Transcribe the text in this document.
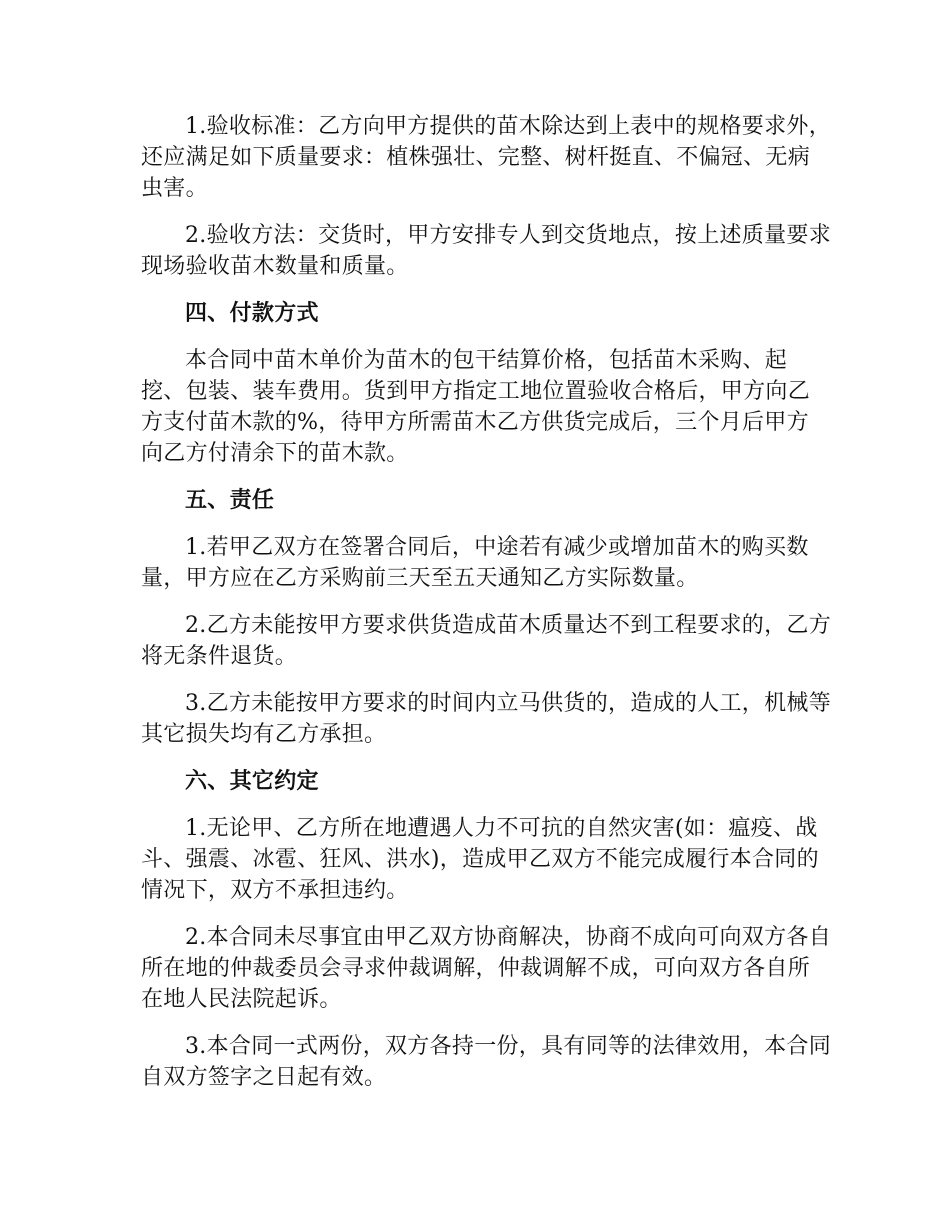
1.验收标准：乙方向甲方提供的苗木除达到上表中的规格要求外，还应满足如下质量要求：植株强壮、完整、树杆挺直、不偏冠、无病虫害。

2.验收方法：交货时，甲方安排专人到交货地点，按上述质量要求现场验收苗木数量和质量。

四、付款方式

本合同中苗木单价为苗木的包干结算价格，包括苗木采购、起挖、包装、装车费用。货到甲方指定工地位置验收合格后，甲方向乙方支付苗木款的%，待甲方所需苗木乙方供货完成后，三个月后甲方向乙方付清余下的苗木款。

五、责任

1.若甲乙双方在签署合同后，中途若有减少或增加苗木的购买数量，甲方应在乙方采购前三天至五天通知乙方实际数量。

2.乙方未能按甲方要求供货造成苗木质量达不到工程要求的，乙方将无条件退货。

3.乙方未能按甲方要求的时间内立马供货的，造成的人工，机械等其它损失均有乙方承担。

六、其它约定

1.无论甲、乙方所在地遭遇人力不可抗的自然灾害(如：瘟疫、战斗、强震、冰雹、狂风、洪水)，造成甲乙双方不能完成履行本合同的情况下，双方不承担违约。

2.本合同未尽事宜由甲乙双方协商解决，协商不成向可向双方各自所在地的仲裁委员会寻求仲裁调解，仲裁调解不成，可向双方各自所在地人民法院起诉。

3.本合同一式两份，双方各持一份，具有同等的法律效用，本合同自双方签字之日起有效。
